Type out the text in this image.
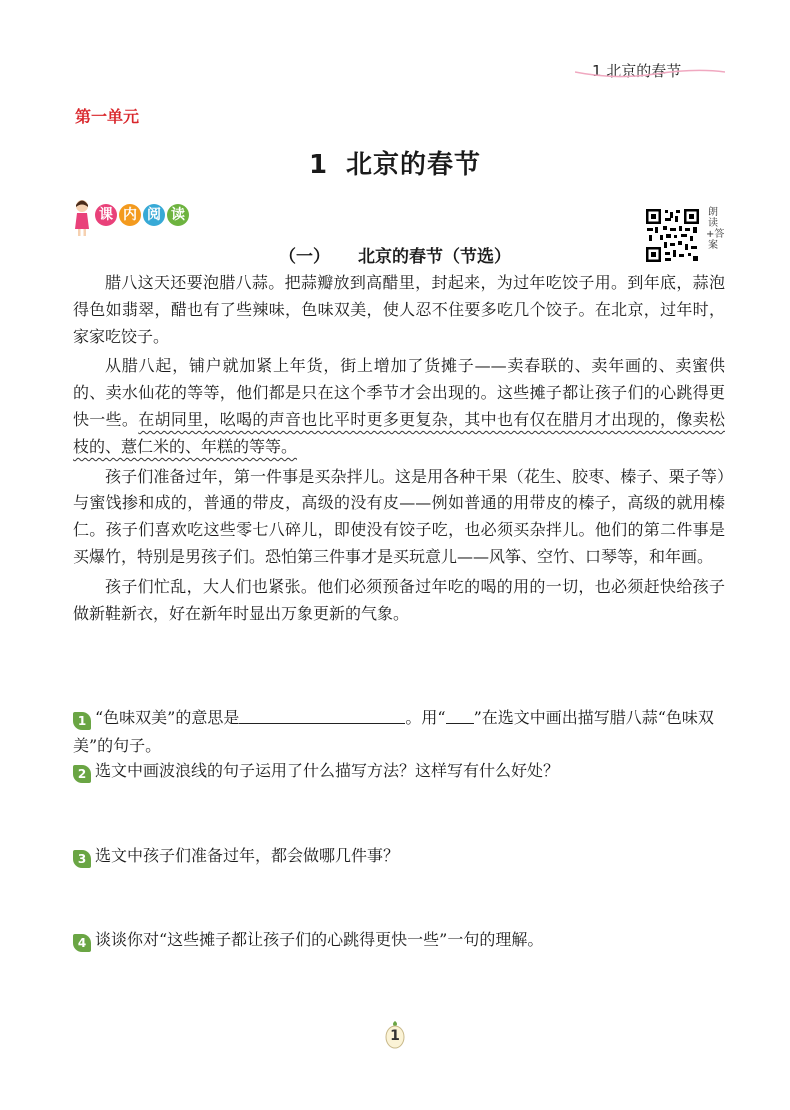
1 北京的春节
第一单元
1 北京的春节
课 内 阅 读	朗读+答案
（一） 北京的春节（节选）

腊八这天还要泡腊八蒜。把蒜瓣放到高醋里，封起来，为过年吃饺子用。到年底，蒜泡得色如翡翠，醋也有了些辣味，色味双美，使人忍不住要多吃几个饺子。在北京，过年时，家家吃饺子。

从腊八起，铺户就加紧上年货，街上增加了货摊子——卖春联的、卖年画的、卖蜜供的、卖水仙花的等等，他们都是只在这个季节才会出现的。这些摊子都让孩子们的心跳得更快一些。在胡同里，吆喝的声音也比平时更多更复杂，其中也有仅在腊月才出现的，像卖松枝的、薏仁米的、年糕的等等。

孩子们准备过年，第一件事是买杂拌儿。这是用各种干果（花生、胶枣、榛子、栗子等）与蜜饯掺和成的，普通的带皮，高级的没有皮——例如普通的用带皮的榛子，高级的就用榛仁。孩子们喜欢吃这些零七八碎儿，即使没有饺子吃，也必须买杂拌儿。他们的第二件事是买爆竹，特别是男孩子们。恐怕第三件事才是买玩意儿——风筝、空竹、口琴等，和年画。

孩子们忙乱，大人们也紧张。他们必须预备过年吃的喝的用的一切，也必须赶快给孩子做新鞋新衣，好在新年时显出万象更新的气象。

1 “色味双美”的意思是	。用“ ”在选文中画出描写腊八蒜“色味双美”的句子。
2 选文中画波浪线的句子运用了什么描写方法？这样写有什么好处？
3 选文中孩子们准备过年，都会做哪几件事？
4 谈谈你对“这些摊子都让孩子们的心跳得更快一些”一句的理解。
1
